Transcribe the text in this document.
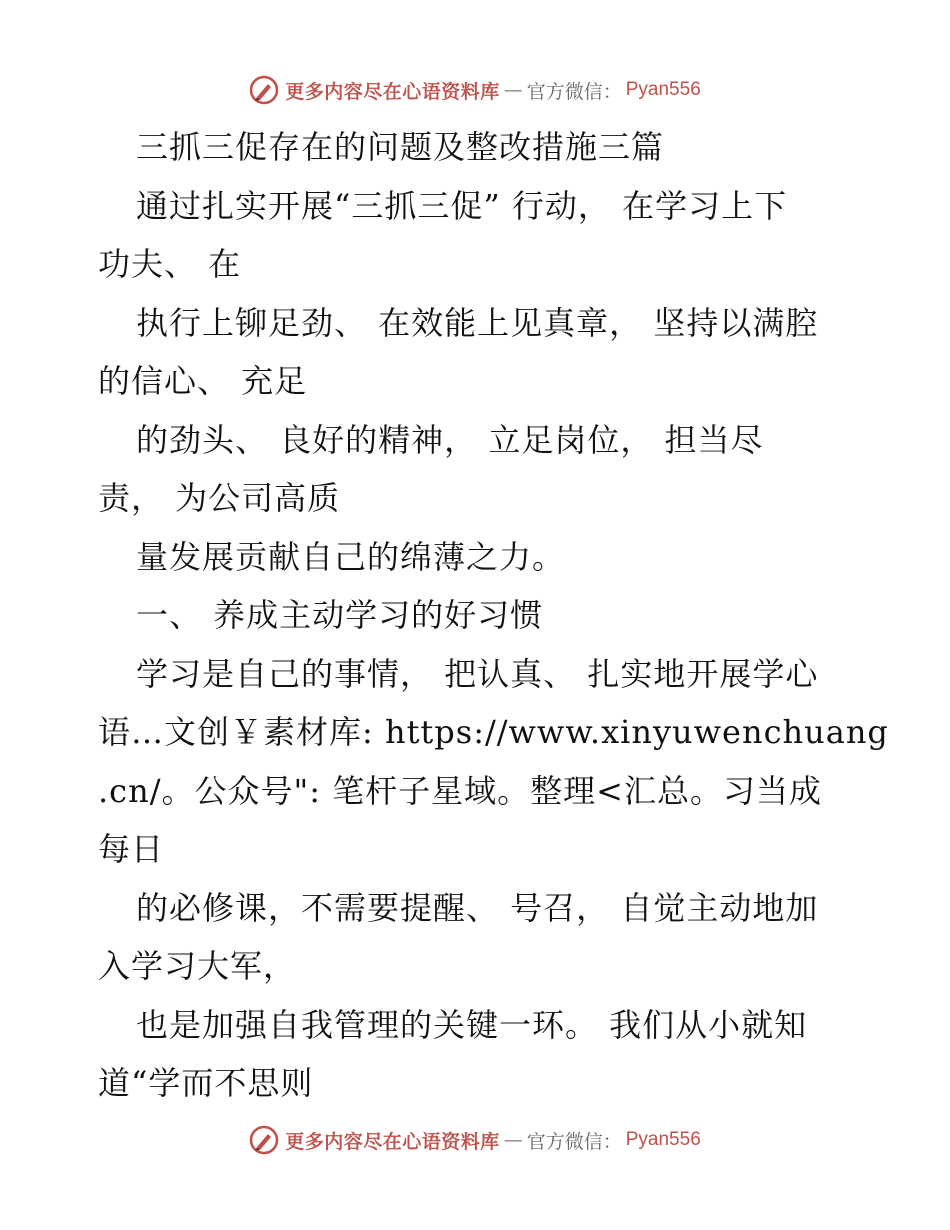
更多内容尽在心语资料库 — 官方微信： Pyan556
三抓三促存在的问题及整改措施三篇
通过扎实开展“三抓三促” 行动， 在学习上下
功夫、 在
执行上铆足劲、 在效能上见真章， 坚持以满腔
的信心、 充足
的劲头、 良好的精神， 立足岗位， 担当尽
责， 为公司高质
量发展贡献自己的绵薄之力。
一、 养成主动学习的好习惯
学习是自己的事情， 把认真、 扎实地开展学心
语…文创￥素材库: https://www.xinyuwenchuang
.cn/。公众号": 笔杆子星域。整理<汇总。习当成
每日
的必修课，不需要提醒、 号召， 自觉主动地加
入学习大军，
也是加强自我管理的关键一环。 我们从小就知
道“学而不思则
更多内容尽在心语资料库 — 官方微信： Pyan556
